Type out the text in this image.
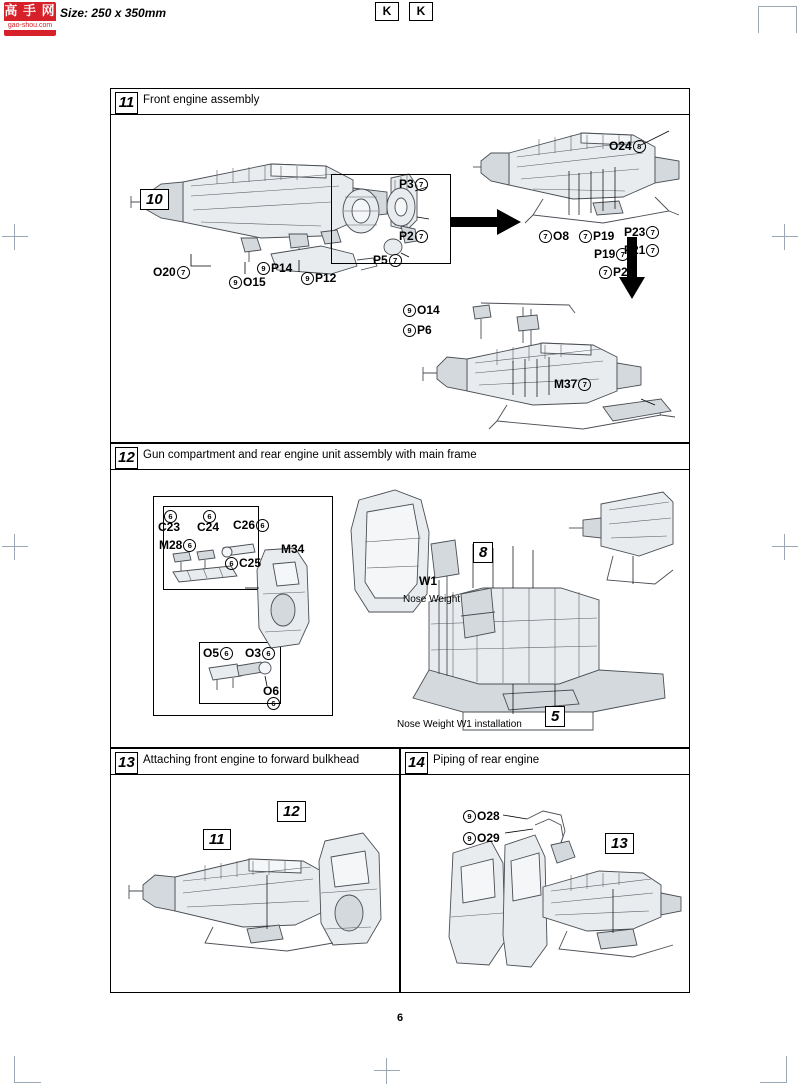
高 手 网
gao-shou.com
Size: 250 x 350mm	K	K
11 Front engine assembly
10
P3 7
P2 7
P5 7
9 P14
9 P12
9 O15
O20 7
O24 8
7 O8	7 P19
P19 7
P23 7
P21 7
7 P21
9 O14
9 P6
M37 7
12 Gun compartment and rear engine unit assembly with main frame
6
C23
6
C24 C26 6
6 C25
M28 6	M34
O5 6	O3 6
O6
6
W1
Nose Weight
Nose Weight W1 installation
8
5
13 Attaching front engine to forward bulkhead
11
12
14 Piping of rear engine
9 O28
9 O29	13
6
